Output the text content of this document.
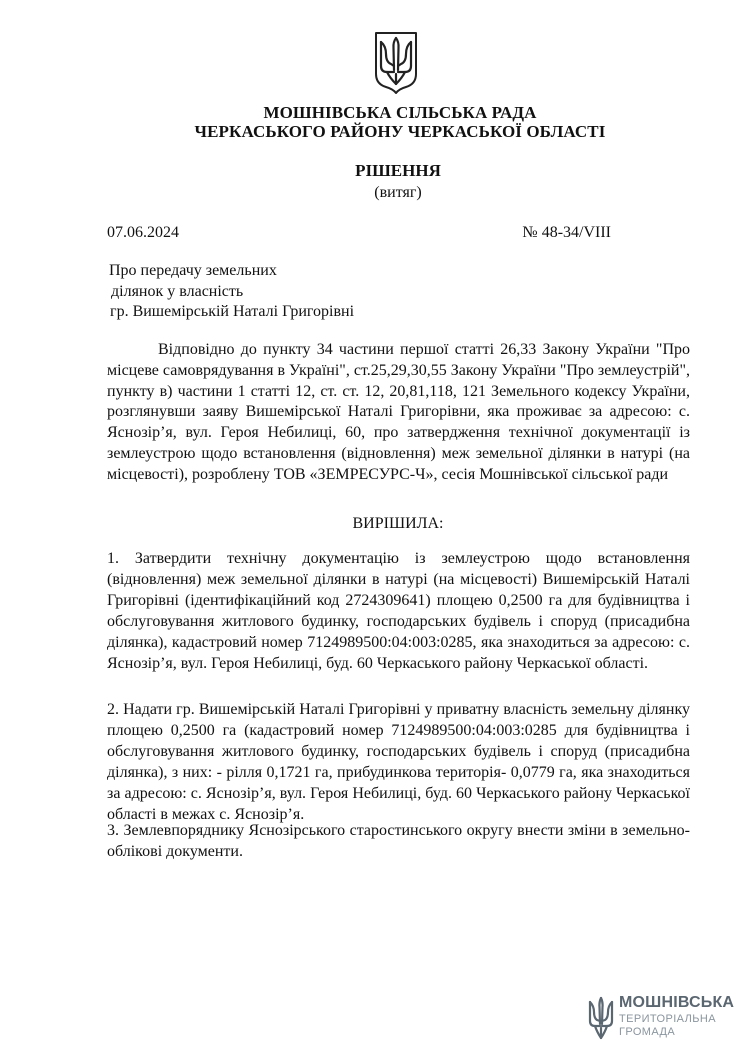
МОШНІВСЬКА СІЛЬСЬКА РАДА
ЧЕРКАСЬКОГО РАЙОНУ ЧЕРКАСЬКОЇ ОБЛАСТІ
РІШЕННЯ
(витяг)
07.06.2024	№ 48-34/VIII
Про передачу земельних
ділянок у власність
гр. Вишемірській Наталі Григорівні

Відповідно до пункту 34 частини першої статті 26,33 Закону України "Про місцеве самоврядування в Україні", ст.25,29,30,55 Закону України "Про землеустрій", пункту в) частини 1 статті 12, ст. ст. 12, 20,81,118, 121 Земельного кодексу України, розглянувши заяву Вишемірської Наталі Григорівни, яка проживає за адресою: с. Яснозір’я, вул. Героя Небилиці, 60, про затвердження технічної документації із землеустрою щодо встановлення (відновлення) меж земельної ділянки в натурі (на місцевості), розроблену ТОВ «ЗЕМРЕСУРС-Ч», сесія Мошнівської сільської ради

ВИРІШИЛА:

1. Затвердити технічну документацію із землеустрою щодо встановлення (відновлення) меж земельної ділянки в натурі (на місцевості) Вишемірській Наталі Григорівні (ідентифікаційний код 2724309641) площею 0,2500 га для будівництва і обслуговування житлового будинку, господарських будівель і споруд (присадибна ділянка), кадастровий номер 7124989500:04:003:0285, яка знаходиться за адресою: с. Яснозір’я, вул. Героя Небилиці, буд. 60 Черкаського району Черкаської області.

2. Надати гр. Вишемірській Наталі Григорівні у приватну власність земельну ділянку площею 0,2500 га (кадастровий номер 7124989500:04:003:0285 для будівництва і обслуговування житлового будинку, господарських будівель і споруд (присадибна ділянка), з них: - рілля 0,1721 га, прибудинкова територія- 0,0779 га, яка знаходиться за адресою: с. Яснозір’я, вул. Героя Небилиці, буд. 60 Черкаського району Черкаської області в межах с. Яснозір’я.

3. Землевпорядник​у Яснозірського старостинського округу внести зміни в земельно-облікові документи.

МОШНІВСЬКА
ТЕРИТОРІАЛЬНА
ГРОМАДА
